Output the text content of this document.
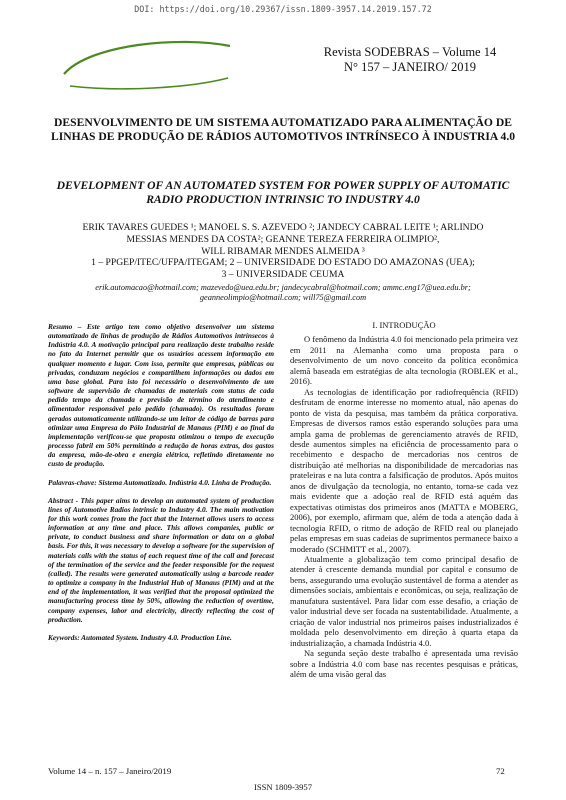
DOI: https://doi.org/10.29367/issn.1809-3957.14.2019.157.72
Revista SODEBRAS – Volume 14
N° 157 – JANEIRO/ 2019
DESENVOLVIMENTO DE UM SISTEMA AUTOMATIZADO PARA ALIMENTAÇÃO DE LINHAS DE PRODUÇÃO DE RÁDIOS AUTOMOTIVOS INTRÍNSECO À INDUSTRIA 4.0
DEVELOPMENT OF AN AUTOMATED SYSTEM FOR POWER SUPPLY OF AUTOMATIC RADIO PRODUCTION INTRINSIC TO INDUSTRY 4.0
ERIK TAVARES GUEDES ¹; MANOEL S. S. AZEVEDO ²; JANDECY CABRAL LEITE ¹; ARLINDO
MESSIAS MENDES DA COSTA²; GEANNE TEREZA FERREIRA OLIMPIO²,
WILL RIBAMAR MENDES ALMEIDA ³
1 – PPGEP/ITEC/UFPA/ITEGAM; 2 – UNIVERSIDADE DO ESTADO DO AMAZONAS (UEA);
3 – UNIVERSIDADE CEUMA
erik.automacao@hotmail.com; mazevedo@uea.edu.br; jandecycabral@hotmail.com; ammc.eng17@uea.edu.br;
geanneolimpio@hotmail.com; will75@gmail.com

Resumo – Este artigo tem como objetivo desenvolver um sistema automatizado de linhas de produção de Rádios Automotivos intrínsecos à Indústria 4.0. A motivação principal para realização deste trabalho reside no fato da Internet permitir que os usuários acessem informação em qualquer momento e lugar. Com isso, permite que empresas, públicas ou privadas, conduzam negócios e compartilhem informações ou dados em uma base global. Para isto foi necessário o desenvolvimento de um software de supervisão de chamadas de materiais com status de cada pedido tempo da chamada e previsão de término do atendimento e alimentador responsável pelo pedido (chamado). Os resultados foram gerados automaticamente utilizando-se um leitor de código de barras para otimizar uma Empresa do Pólo Industrial de Manaus (PIM) e ao final da implementação verificou-se que proposta otimizou o tempo de execução processo fabril em 50% permitindo a redução de horas extras, dos gastos da empresa, mão-de-obra e energia elétrica, refletindo diretamente no custo de produção.

Palavras-chave: Sistema Automatizado. Indústria 4.0. Linha de Produção.

Abstract - This paper aims to develop an automated system of production lines of Automotive Radios intrinsic to Industry 4.0. The main motivation for this work comes from the fact that the Internet allows users to access information at any time and place. This allows companies, public or private, to conduct business and share information or data on a global basis. For this, it was necessary to develop a software for the supervision of materials calls with the status of each request time of the call and forecast of the termination of the service and the feeder responsible for the request (called). The results were generated automatically using a barcode reader to optimize a company in the Industrial Hub of Manaus (PIM) and at the end of the implementation, it was verified that the proposal optimized the manufacturing process time by 50%, allowing the reduction of overtime, company expenses, labor and electricity, directly reflecting the cost of production.

Keywords: Automated System. Industry 4.0. Production Line.

I. INTRODUÇÃO

O fenômeno da Indústria 4.0 foi mencionado pela primeira vez em 2011 na Alemanha como uma proposta para o desenvolvimento de um novo conceito da política econômica alemã baseada em estratégias de alta tecnologia (ROBLEK et al., 2016).

As tecnologias de identificação por radiofrequência (RFID) desfrutam de enorme interesse no momento atual, não apenas do ponto de vista da pesquisa, mas também da prática corporativa. Empresas de diversos ramos estão esperando soluções para uma ampla gama de problemas de gerenciamento através de RFID, desde aumentos simples na eficiência de processamento para o recebimento e despacho de mercadorias nos centros de distribuição até melhorias na disponibilidade de mercadorias nas prateleiras e na luta contra a falsificação de produtos. Após muitos anos de divulgação da tecnologia, no entanto, torna-se cada vez mais evidente que a adoção real de RFID está aquém das expectativas otimistas dos primeiros anos (MATTA e MOBERG, 2006), por exemplo, afirmam que, além de toda a atenção dada à tecnologia RFID, o ritmo de adoção de RFID real ou planejado pelas empresas em suas cadeias de suprimentos permanece baixo a moderado (SCHMITT et al., 2007).

Atualmente a globalização tem como principal desafio de atender à crescente demanda mundial por capital e consumo de bens, assegurando uma evolução sustentável de forma a atender as dimensões sociais, ambientais e econômicas, ou seja, realização de manufatura sustentável. Para lidar com esse desafio, a criação de valor industrial deve ser focada na sustentabilidade. Atualmente, a criação de valor industrial nos primeiros países industrializados é moldada pelo desenvolvimento em direção à quarta etapa da industrialização, a chamada Indústria 4.0.

Na segunda seção deste trabalho é apresentada uma revisão sobre a Indústria 4.0 com base nas recentes pesquisas e práticas, além de uma visão geral das

Volume 14 – n. 157 – Janeiro/2019	72
ISSN 1809-3957
